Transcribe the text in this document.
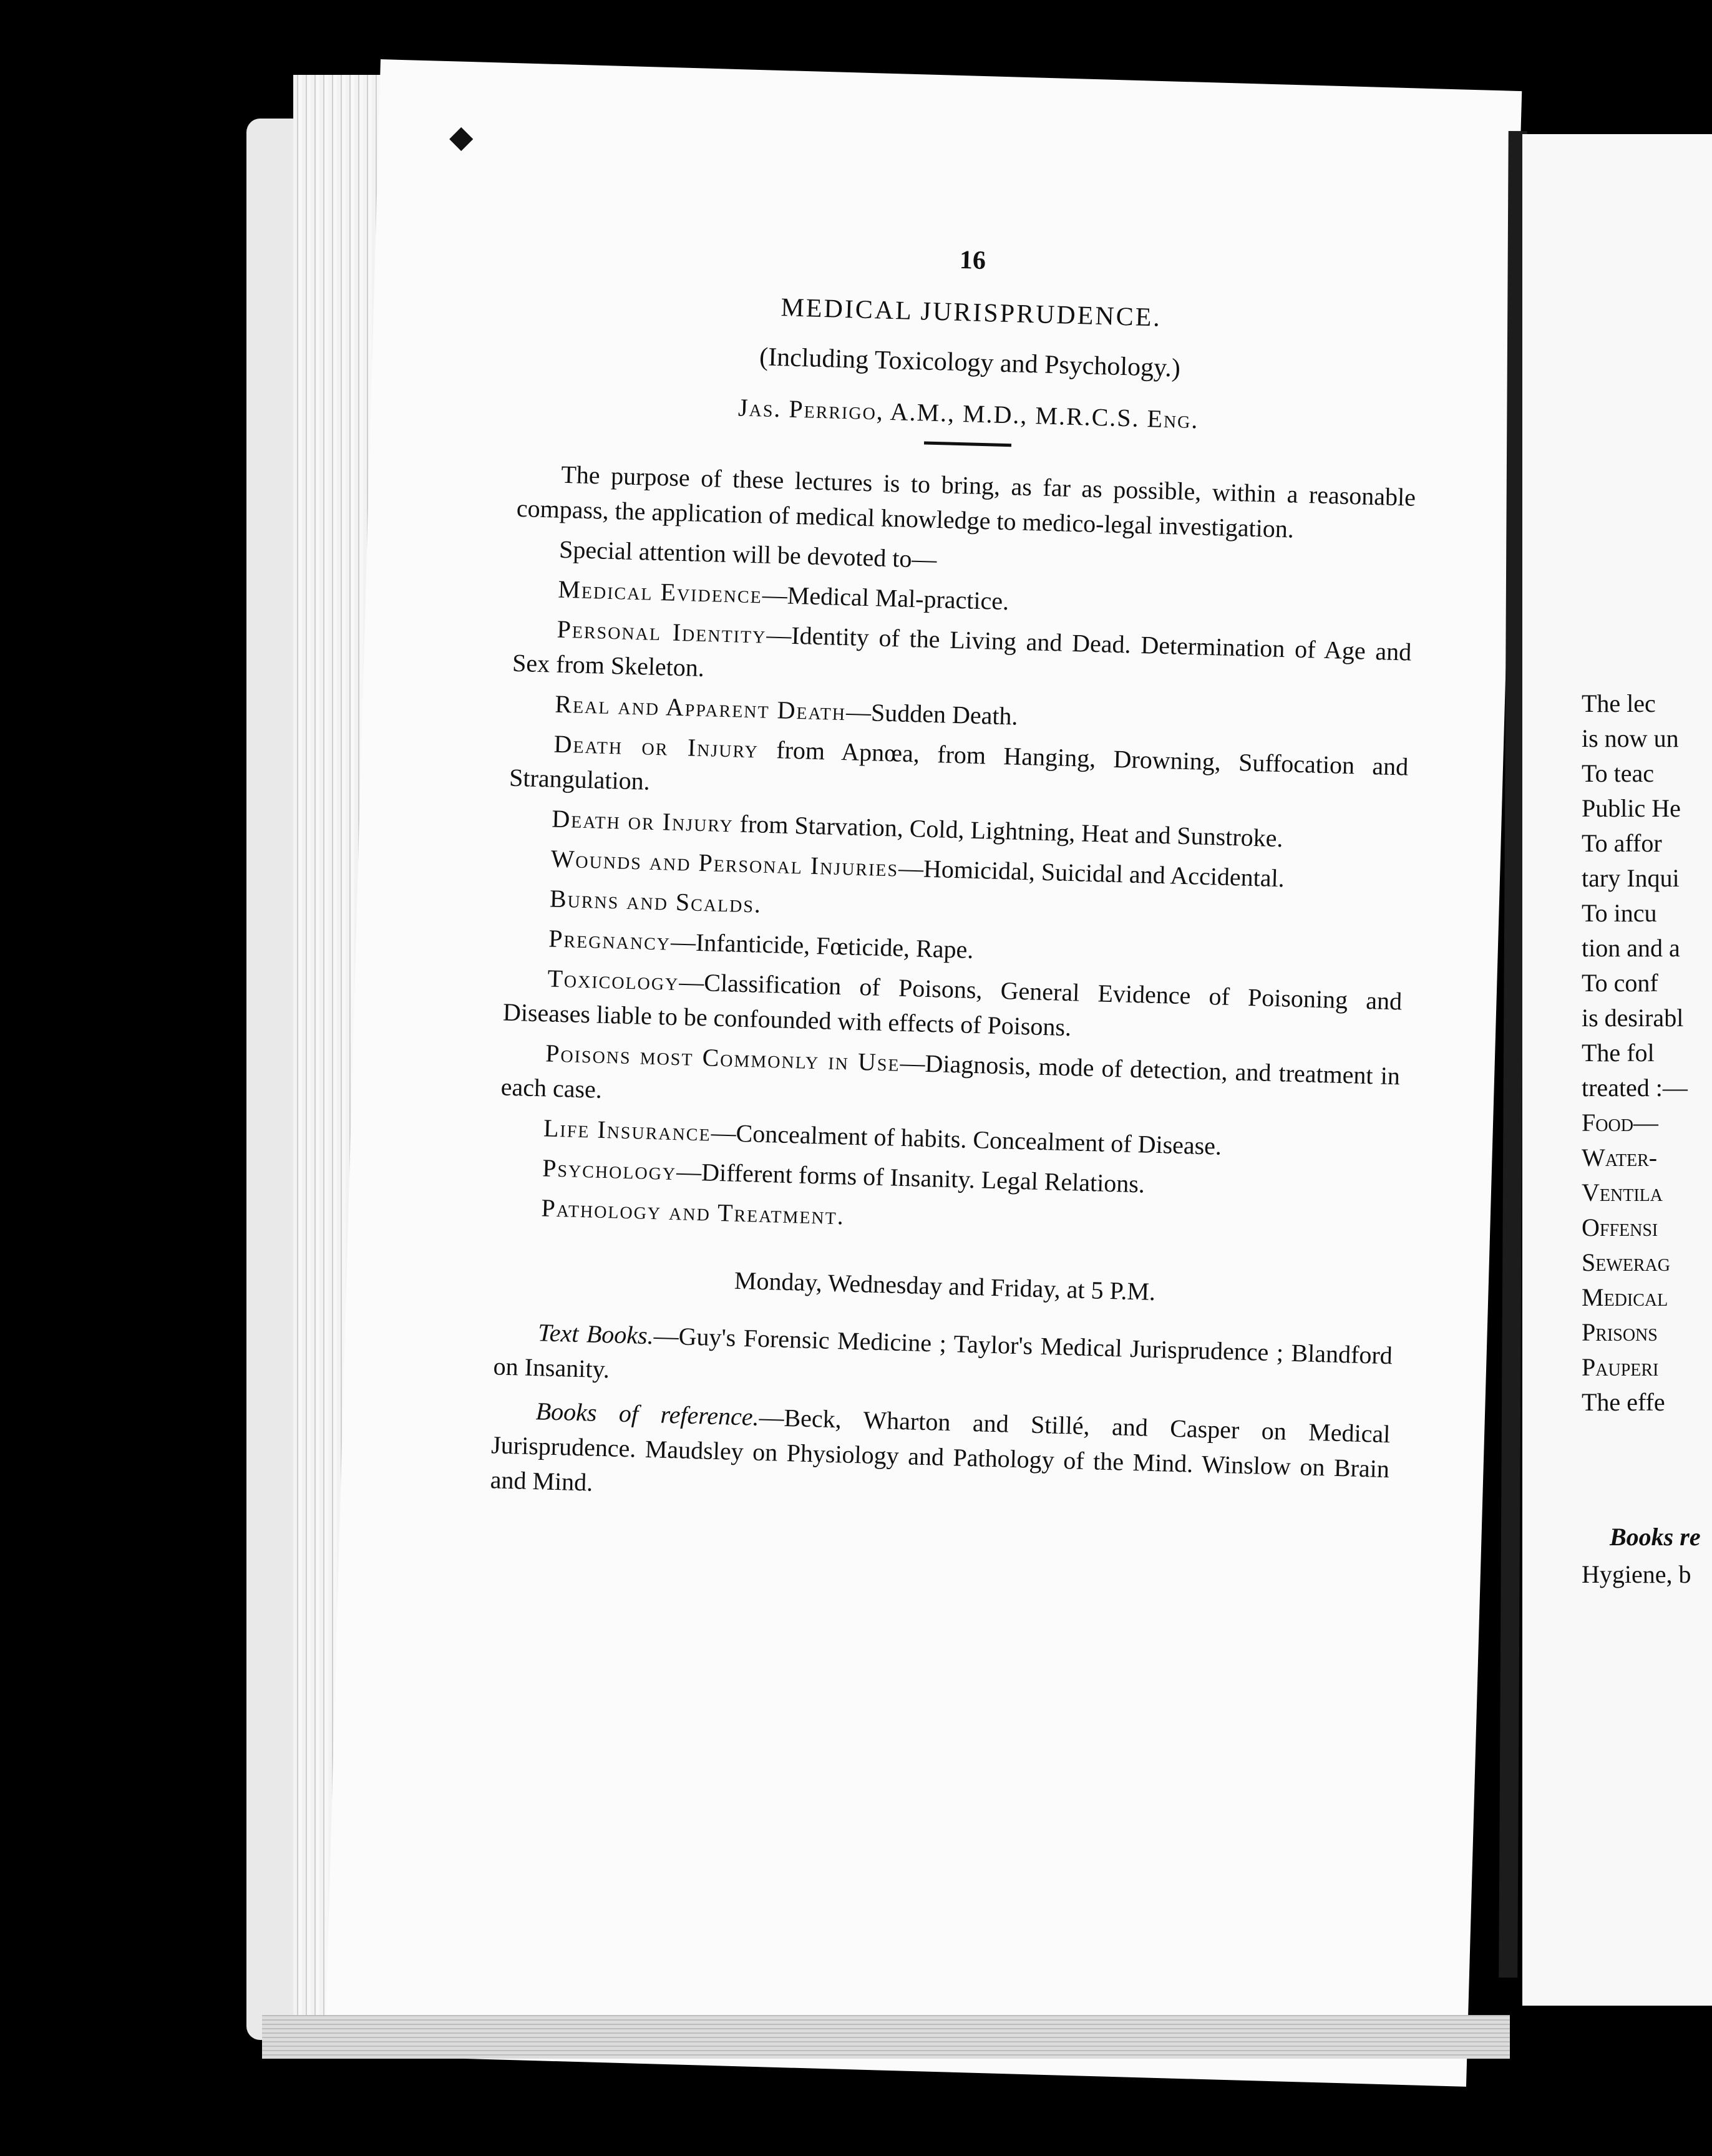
◆
16
MEDICAL JURISPRUDENCE.
(Including Toxicology and Psychology.)
Jas. Perrigo, A.M., M.D., M.R.C.S. Eng.

The purpose of these lectures is to bring, as far as possible, within a reasonable compass, the application of medical knowledge to medico-legal investigation.

Special attention will be devoted to—

Medical Evidence—Medical Mal-practice.

Personal Identity—Identity of the Living and Dead. Determination of Age and Sex from Skeleton.

Real and Apparent Death—Sudden Death.

Death or Injury from Apnœa, from Hanging, Drowning, Suffocation and Strangulation.

Death or Injury from Starvation, Cold, Lightning, Heat and Sunstroke.

Wounds and Personal Injuries—Homicidal, Suicidal and Accidental.

Burns and Scalds.

Pregnancy—Infanticide, Fœticide, Rape.

Toxicology—Classification of Poisons, General Evidence of Poisoning and Diseases liable to be confounded with effects of Poisons.

Poisons most Commonly in Use—Diagnosis, mode of detection, and treatment in each case.

Life Insurance—Concealment of habits. Concealment of Disease.

Psychology—Different forms of Insanity. Legal Relations.

Pathology and Treatment.

Monday, Wednesday and Friday, at 5 P.M.

Text Books.—Guy's Forensic Medicine ; Taylor's Medical Jurisprudence ; Blandford on Insanity.

Books of reference.—Beck, Wharton and Stillé, and Casper on Medical Jurisprudence. Maudsley on Physiology and Pathology of the Mind. Winslow on Brain and Mind.

The lec
is now un
To teac
Public He
To affor
tary Inqui
To incu
tion and a
To conf
is desirabl
The fol
treated :—
Food—
Water-
Ventila
Offensi
Sewerag
Medical
Prisons
Pauperi
The effe
Books re
Hygiene, b
